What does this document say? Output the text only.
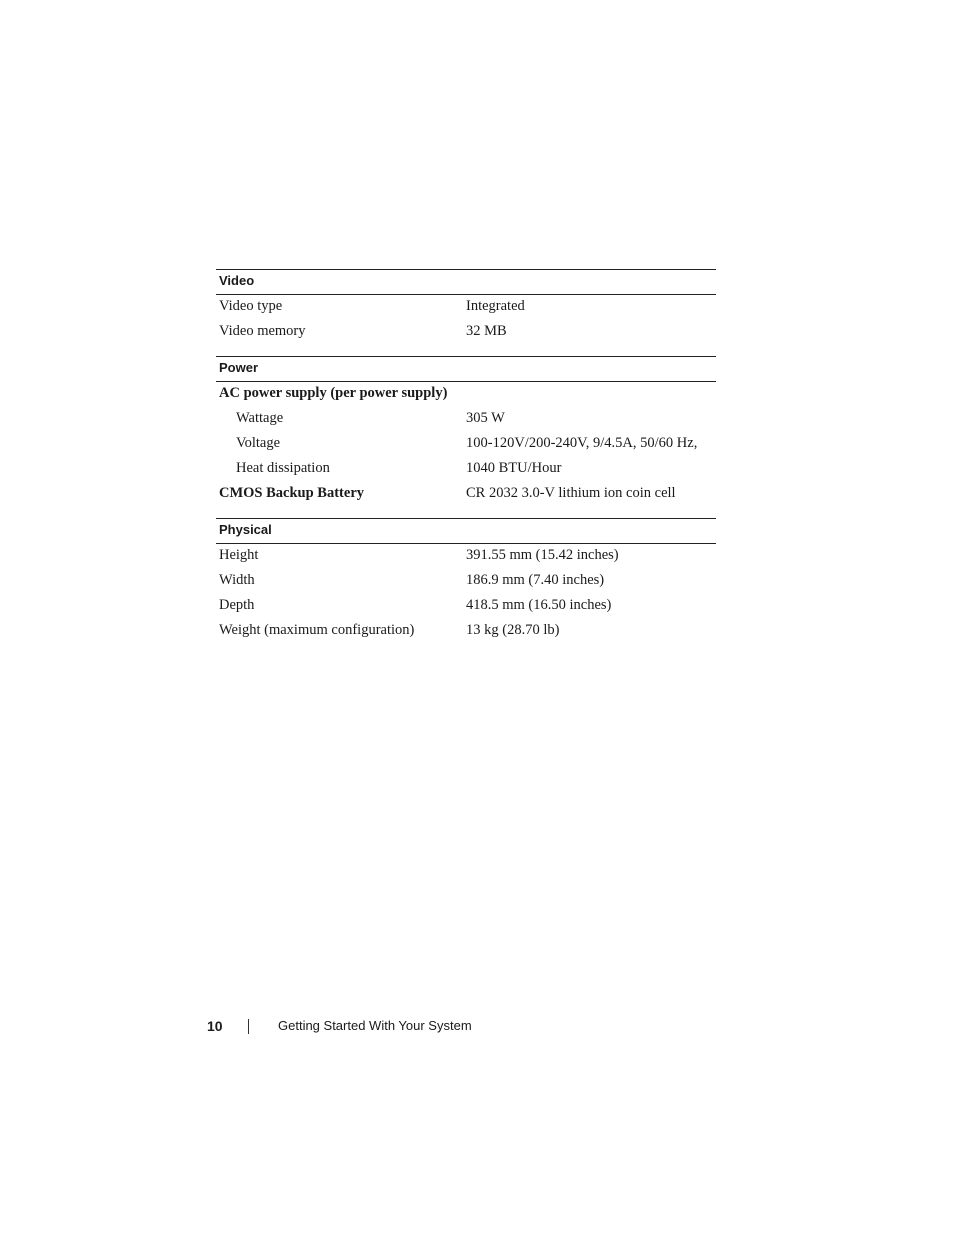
Video
Video type	Integrated
Video memory	32 MB
Power
AC power supply (per power supply)
Wattage	305 W
Voltage	100-120V/200-240V, 9/4.5A, 50/60 Hz,
Heat dissipation	1040 BTU/Hour
CMOS Backup Battery	CR 2032 3.0-V lithium ion coin cell
Physical
Height	391.55 mm (15.42 inches)
Width	186.9 mm (7.40 inches)
Depth	418.5 mm (16.50 inches)
Weight (maximum configuration)	13 kg (28.70 lb)
10	Getting Started With Your System
